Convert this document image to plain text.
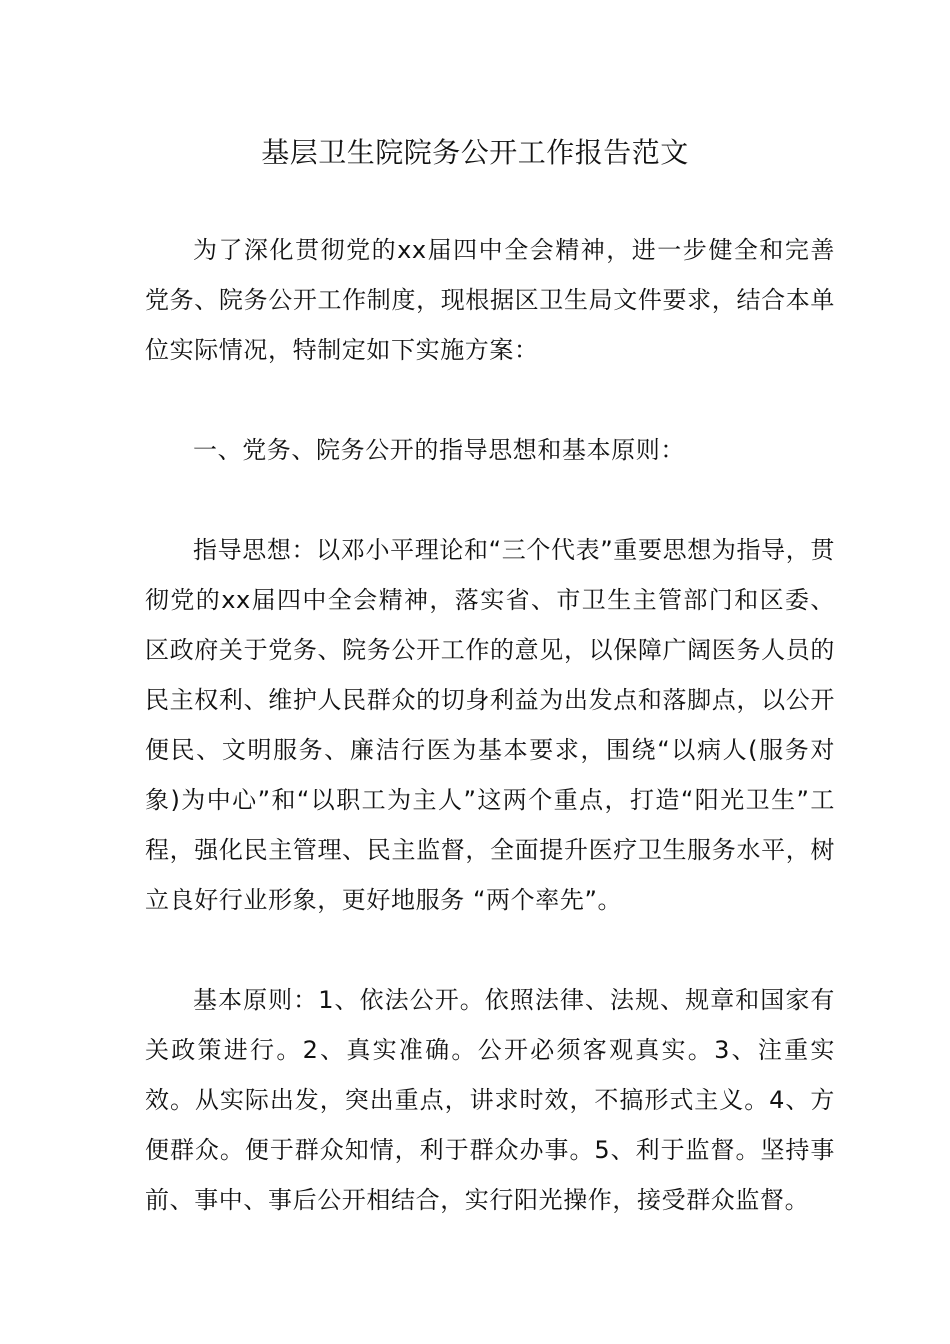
基层卫生院院务公开工作报告范文

为了深化贯彻党的xx届四中全会精神，进一步健全和完善党务、院务公开工作制度，现根据区卫生局文件要求，结合本单位实际情况，特制定如下实施方案：

一、党务、院务公开的指导思想和基本原则：

指导思想：以邓小平理论和“三个代表”重要思想为指导，贯彻党的xx届四中全会精神，落实省、市卫生主管部门和区委、区政府关于党务、院务公开工作的意见，以保障广阔医务人员的民主权利、维护人民群众的切身利益为出发点和落脚点，以公开便民、文明服务、廉洁行医为基本要求，围绕“以病人(服务对象)为中心”和“以职工为主人”这两个重点，打造“阳光卫生”工程，强化民主管理、民主监督，全面提升医疗卫生服务水平，树立良好行业形象，更好地服务 “两个率先”。

基本原则：1、依法公开。依照法律、法规、规章和国家有关政策进行。2、真实准确。公开必须客观真实。3、注重实效。从实际出发，突出重点，讲求时效，不搞形式主义。4、方便群众。便于群众知情，利于群众办事。5、利于监督。坚持事前、事中、事后公开相结合，实行阳光操作，接受群众监督。
